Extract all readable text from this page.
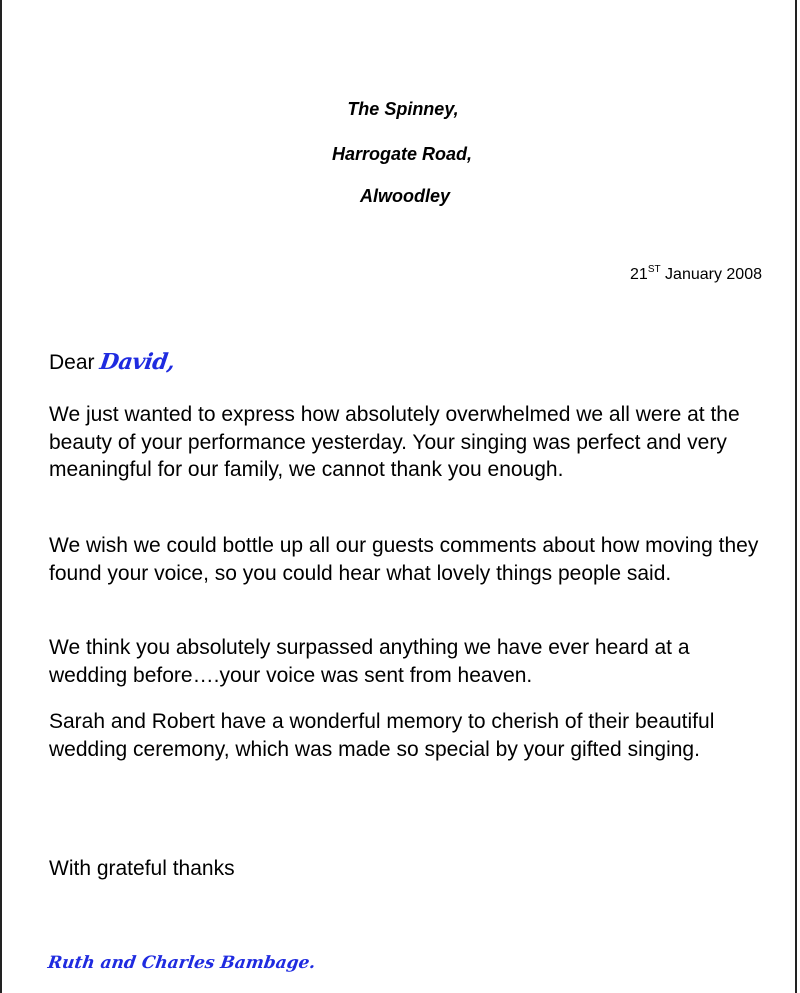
The Spinney,
Harrogate Road,
Alwoodley
21ST January 2008
Dear David,

We just wanted to express how absolutely overwhelmed we all were at the beauty of your performance yesterday. Your singing was perfect and very meaningful for our family, we cannot thank you enough.

We wish we could bottle up all our guests comments about how moving they found your voice, so you could hear what lovely things people said.

We think you absolutely surpassed anything we have ever heard at a wedding before….your voice was sent from heaven.

Sarah and Robert have a wonderful memory to cherish of their beautiful wedding ceremony, which was made so special by your gifted singing.

With grateful thanks
Ruth and Charles Bambage.
